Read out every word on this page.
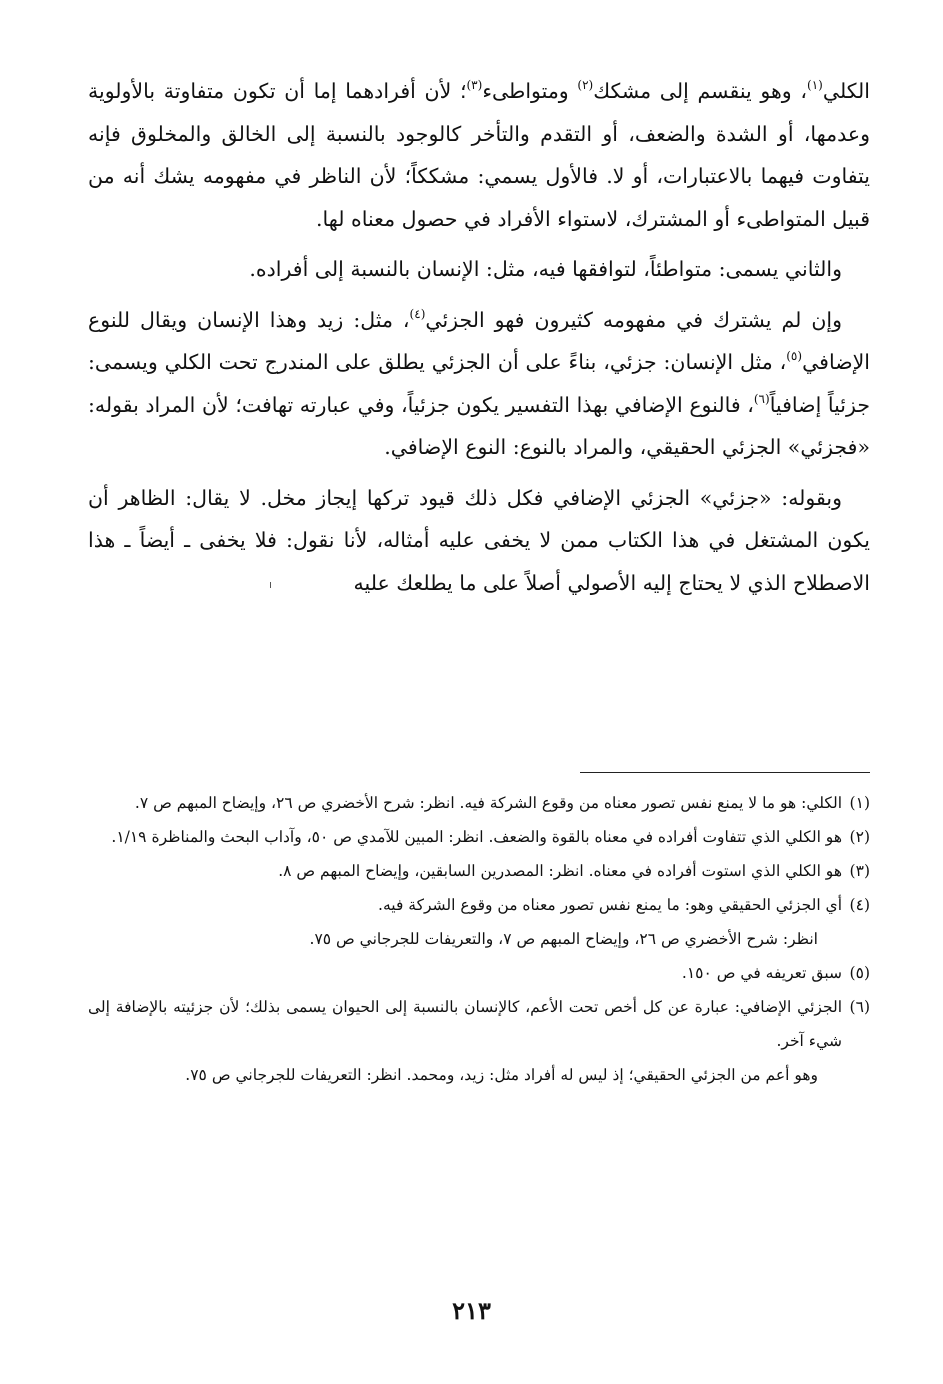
الكلي$^{(١)}$، وهو ينقسم إلى مشكك$^{(٢)}$ ومتواطىء$^{(٣)}$؛ لأن أفرادهما إما أن تكون متفاوتة بالأولوية وعدمها، أو الشدة والضعف، أو التقدم والتأخر كالوجود بالنسبة إلى الخالق والمخلوق فإنه يتفاوت فيهما بالاعتبارات، أو لا. فالأول يسمي: مشككاً؛ لأن الناظر في مفهومه يشك أنه من قبيل المتواطىء أو المشترك، لاستواء الأفراد في حصول معناه لها.

والثاني يسمى: متواطئاً، لتوافقها فيه، مثل: الإنسان بالنسبة إلى أفراده.

وإن لم يشترك في مفهومه كثيرون فهو الجزئي$^{(٤)}$، مثل: زيد وهذا الإنسان ويقال للنوع الإضافي$^{(٥)}$، مثل الإنسان: جزئي، بناءً على أن الجزئي يطلق على المندرج تحت الكلي ويسمى: جزئياً إضافياً$^{(٦)}$، فالنوع الإضافي بهذا التفسير يكون جزئياً، وفي عبارته تهافت؛ لأن المراد بقوله: «فجزئي» الجزئي الحقيقي، والمراد بالنوع: النوع الإضافي.

وبقوله: «جزئي» الجزئي الإضافي فكل ذلك قيود تركها إيجاز مخل. لا يقال: الظاهر أن يكون المشتغل في هذا الكتاب ممن لا يخفى عليه أمثاله، لأنا نقول: فلا يخفى ـ أيضاً ـ هذا الاصطلاح الذي لا يحتاج إليه الأصولي أصلاً على ما يطلعك عليه

(١)
الكلي: هو ما لا يمنع نفس تصور معناه من وقوع الشركة فيه. انظر: شرح الأخضري ص ٢٦، وإيضاح المبهم ص ٧.
(٢)
هو الكلي الذي تتفاوت أفراده في معناه بالقوة والضعف. انظر: المبين للآمدي ص ٥٠، وآداب البحث والمناظرة ١/١٩.
(٣)
هو الكلي الذي استوت أفراده في معناه. انظر: المصدرين السابقين، وإيضاح المبهم ص ٨.
(٤)
أي الجزئي الحقيقي وهو: ما يمنع نفس تصور معناه من وقوع الشركة فيه.

انظر: شرح الأخضري ص ٢٦، وإيضاح المبهم ص ٧، والتعريفات للجرجاني ص ٧٥.

(٥)
سبق تعريفه في ص ١٥٠.
(٦)
الجزئي الإضافي: عبارة عن كل أخص تحت الأعم، كالإنسان بالنسبة إلى الحيوان يسمى بذلك؛ لأن جزئيته بالإضافة إلى شيء آخر.

وهو أعم من الجزئي الحقيقي؛ إذ ليس له أفراد مثل: زيد، ومحمد. انظر: التعريفات للجرجاني ص ٧٥.

٢١٣
